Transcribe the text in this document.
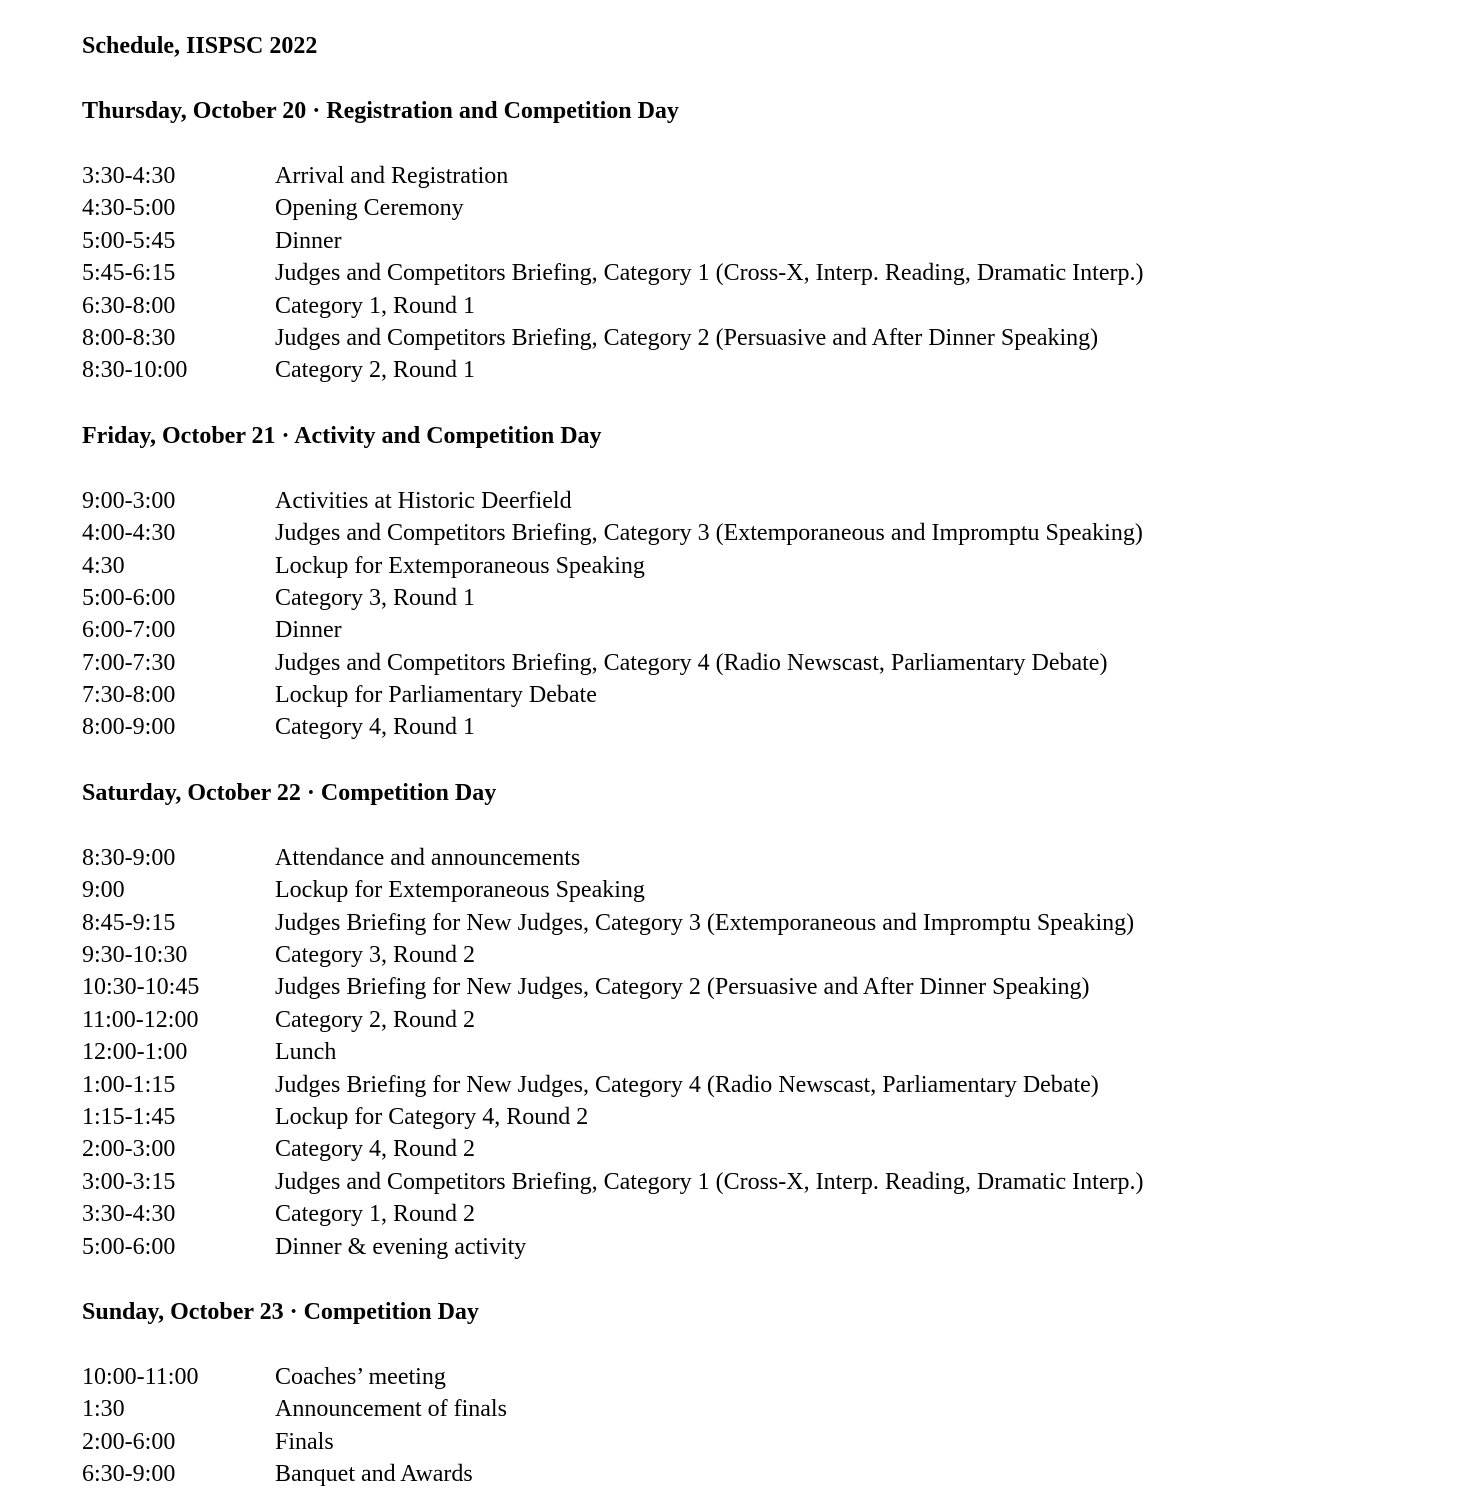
Schedule, IISPSC 2022
Thursday, October 20 · Registration and Competition Day
3:30-4:30	Arrival and Registration
4:30-5:00	Opening Ceremony
5:00-5:45	Dinner
5:45-6:15	Judges and Competitors Briefing, Category 1 (Cross-X, Interp. Reading, Dramatic Interp.)
6:30-8:00	Category 1, Round 1
8:00-8:30	Judges and Competitors Briefing, Category 2 (Persuasive and After Dinner Speaking)
8:30-10:00	Category 2, Round 1
Friday, October 21 · Activity and Competition Day
9:00-3:00	Activities at Historic Deerfield
4:00-4:30	Judges and Competitors Briefing, Category 3 (Extemporaneous and Impromptu Speaking)
4:30	Lockup for Extemporaneous Speaking
5:00-6:00	Category 3, Round 1
6:00-7:00	Dinner
7:00-7:30	Judges and Competitors Briefing, Category 4 (Radio Newscast, Parliamentary Debate)
7:30-8:00	Lockup for Parliamentary Debate
8:00-9:00	Category 4, Round 1
Saturday, October 22 · Competition Day
8:30-9:00	Attendance and announcements
9:00	Lockup for Extemporaneous Speaking
8:45-9:15	Judges Briefing for New Judges, Category 3 (Extemporaneous and Impromptu Speaking)
9:30-10:30	Category 3, Round 2
10:30-10:45	Judges Briefing for New Judges, Category 2 (Persuasive and After Dinner Speaking)
11:00-12:00	Category 2, Round 2
12:00-1:00	Lunch
1:00-1:15	Judges Briefing for New Judges, Category 4 (Radio Newscast, Parliamentary Debate)
1:15-1:45	Lockup for Category 4, Round 2
2:00-3:00	Category 4, Round 2
3:00-3:15	Judges and Competitors Briefing, Category 1 (Cross-X, Interp. Reading, Dramatic Interp.)
3:30-4:30	Category 1, Round 2
5:00-6:00	Dinner & evening activity
Sunday, October 23 · Competition Day
10:00-11:00	Coaches’ meeting
1:30	Announcement of finals
2:00-6:00	Finals
6:30-9:00	Banquet and Awards
